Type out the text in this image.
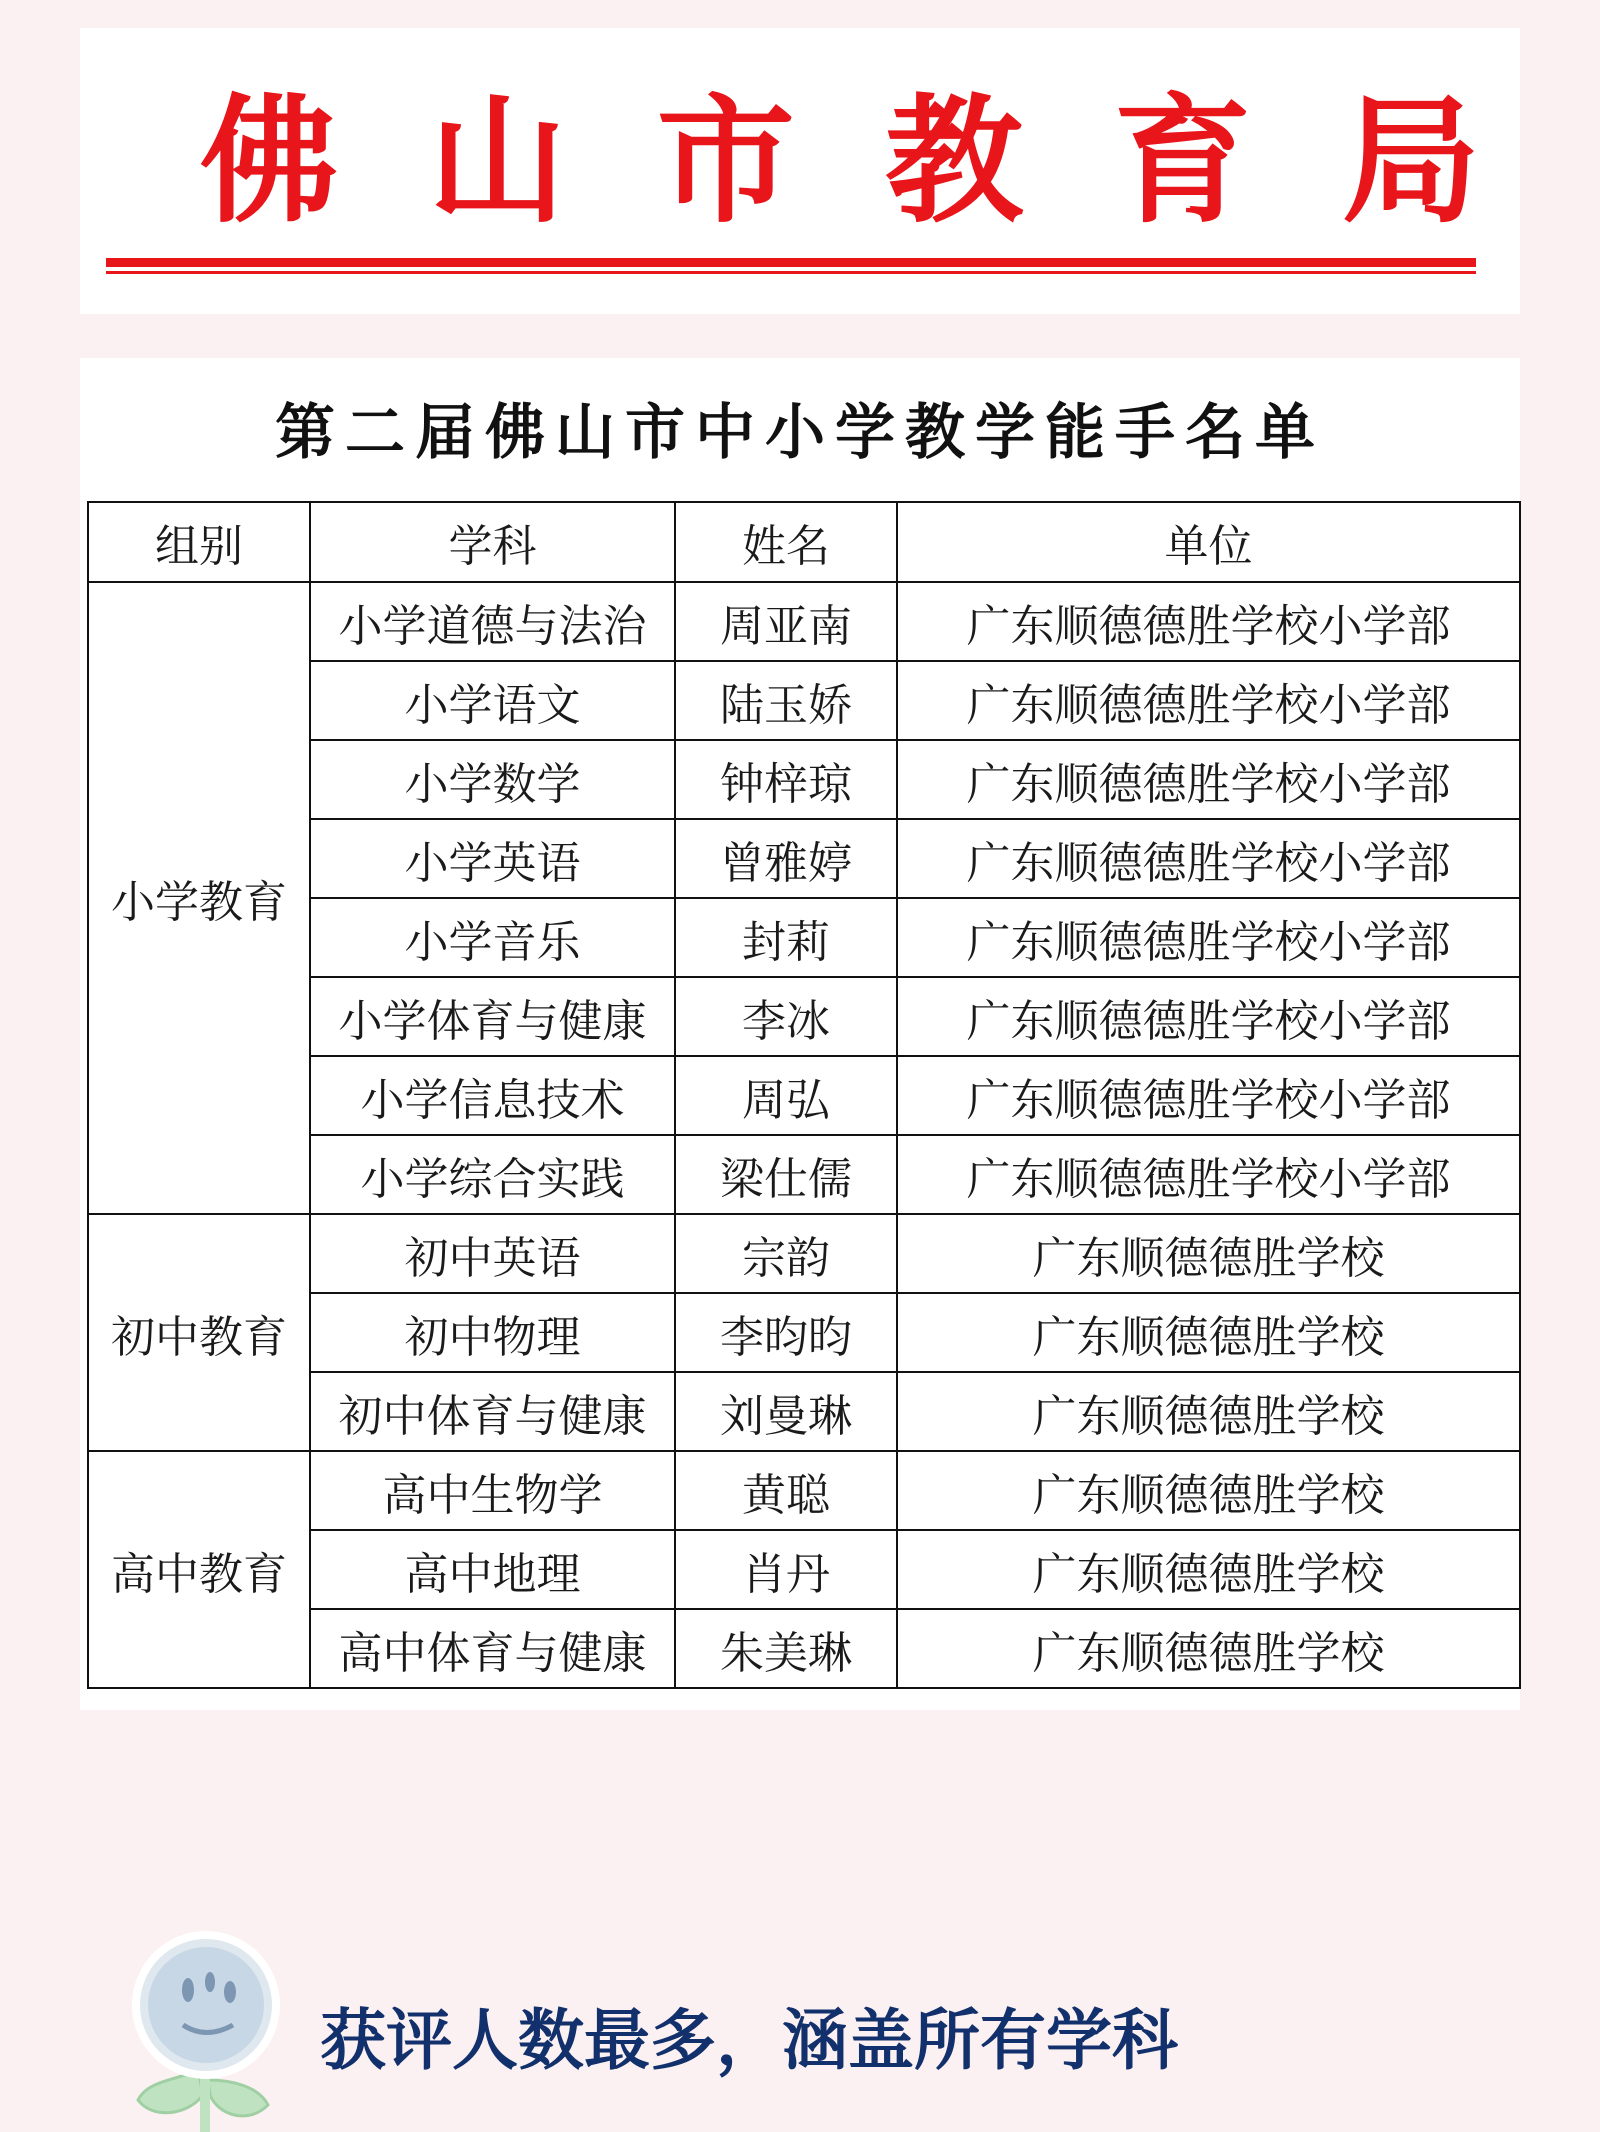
佛 山 市 教 育 局
第二届佛山市中小学教学能手名单
组别	学科	姓名	单位
小学教育	小学道德与法治	周亚南	广东顺德德胜学校小学部
	小学语文	陆玉娇	广东顺德德胜学校小学部
	小学数学	钟梓琼	广东顺德德胜学校小学部
	小学英语	曾雅婷	广东顺德德胜学校小学部
	小学音乐	封莉	广东顺德德胜学校小学部
	小学体育与健康	李冰	广东顺德德胜学校小学部
	小学信息技术	周弘	广东顺德德胜学校小学部
	小学综合实践	梁仕儒	广东顺德德胜学校小学部
初中教育	初中英语	宗韵	广东顺德德胜学校
	初中物理	李昀昀	广东顺德德胜学校
	初中体育与健康	刘曼琳	广东顺德德胜学校
高中教育	高中生物学	黄聪	广东顺德德胜学校
	高中地理	肖丹	广东顺德德胜学校
	高中体育与健康	朱美琳	广东顺德德胜学校
获评人数最多，涵盖所有学科
